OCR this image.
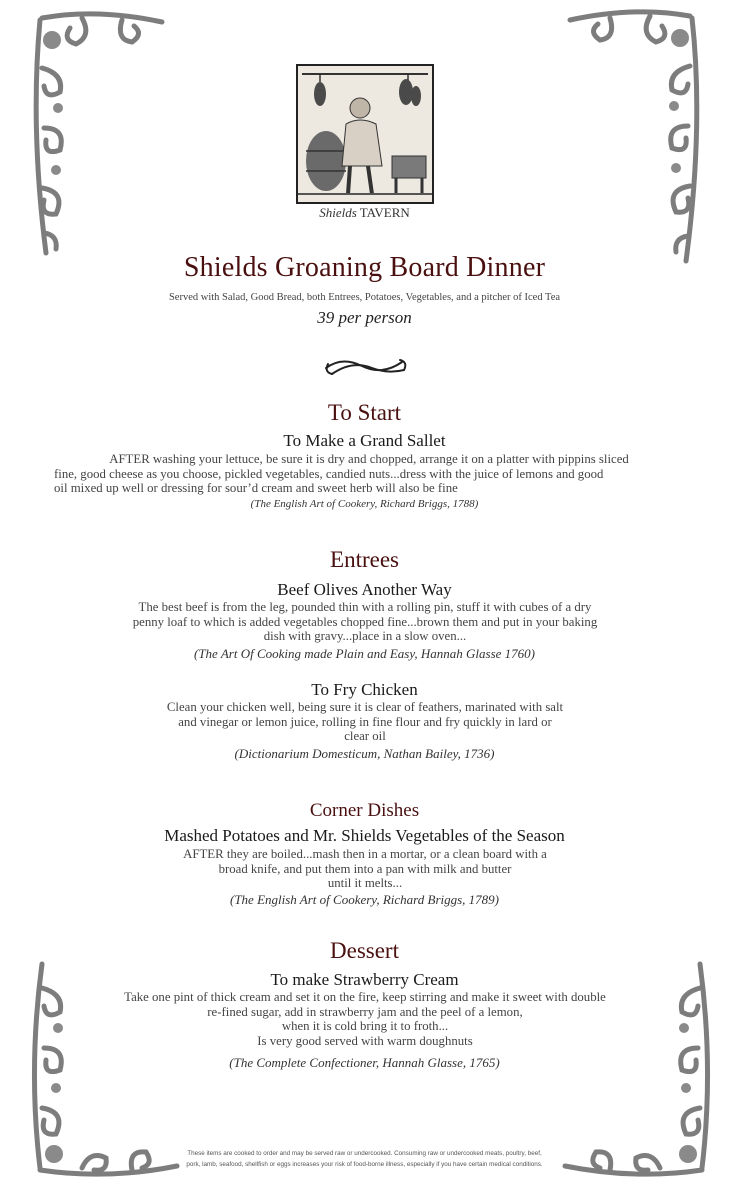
Shields TAVERN
Shields Groaning Board Dinner
Served with Salad, Good Bread, both Entrees, Potatoes, Vegetables, and a pitcher of Iced Tea
39 per person
To Start
To Make a Grand Sallet
AFTER washing your lettuce, be sure it is dry and chopped, arrange it on a platter with pippins sliced
fine, good cheese as you choose, pickled vegetables, candied nuts...dress with the juice of lemons and good
oil mixed up well or dressing for sour’d cream and sweet herb will also be fine
(The English Art of Cookery, Richard Briggs, 1788)
Entrees
Beef Olives Another Way
The best beef is from the leg, pounded thin with a rolling pin, stuff it with cubes of a dry
penny loaf to which is added vegetables chopped fine...brown them and put in your baking
dish with gravy...place in a slow oven...
(The Art Of Cooking made Plain and Easy, Hannah Glasse 1760)
To Fry Chicken
Clean your chicken well, being sure it is clear of feathers, marinated with salt
and vinegar or lemon juice, rolling in fine flour and fry quickly in lard or
clear oil
(Dictionarium Domesticum, Nathan Bailey, 1736)
Corner Dishes
Mashed Potatoes and Mr. Shields Vegetables of the Season
AFTER they are boiled...mash then in a mortar, or a clean board with a
broad knife, and put them into a pan with milk and butter
until it melts...
(The English Art of Cookery, Richard Briggs, 1789)
Dessert
To make Strawberry Cream
Take one pint of thick cream and set it on the fire, keep stirring and make it sweet with double
re-fined sugar, add in strawberry jam and the peel of a lemon,
when it is cold bring it to froth...
Is very good served with warm doughnuts
(The Complete Confectioner, Hannah Glasse, 1765)
These items are cooked to order and may be served raw or undercooked. Consuming raw or undercooked meats, poultry, beef,
pork, lamb, seafood, shellfish or eggs increases your risk of food-borne illness, especially if you have certain medical conditions.
